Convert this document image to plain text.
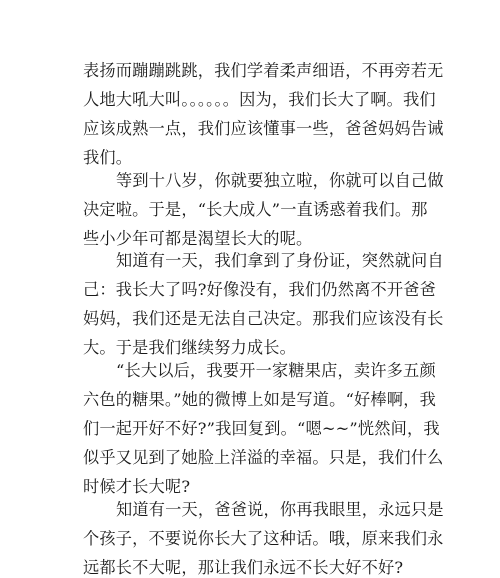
表扬而蹦蹦跳跳，我们学着柔声细语，不再旁若无
人地大吼大叫。。。。。。因为，我们长大了啊。我们
应该成熟一点，我们应该懂事一些，爸爸妈妈告诫
我们。
等到十八岁，你就要独立啦，你就可以自己做
决定啦。于是，“长大成人”一直诱惑着我们。那
些小少年可都是渴望长大的呢。
知道有一天，我们拿到了身份证，突然就问自
己：我长大了吗?好像没有，我们仍然离不开爸爸
妈妈，我们还是无法自己决定。那我们应该没有长
大。于是我们继续努力成长。
“长大以后，我要开一家糖果店，卖许多五颜
六色的糖果。”她的微博上如是写道。“好棒啊，我
们一起开好不好?”我回复到。“嗯~~”恍然间，我
似乎又见到了她脸上洋溢的幸福。只是，我们什么
时候才长大呢?
知道有一天，爸爸说，你再我眼里，永远只是
个孩子，不要说你长大了这种话。哦，原来我们永
远都长不大呢，那让我们永远不长大好不好?
